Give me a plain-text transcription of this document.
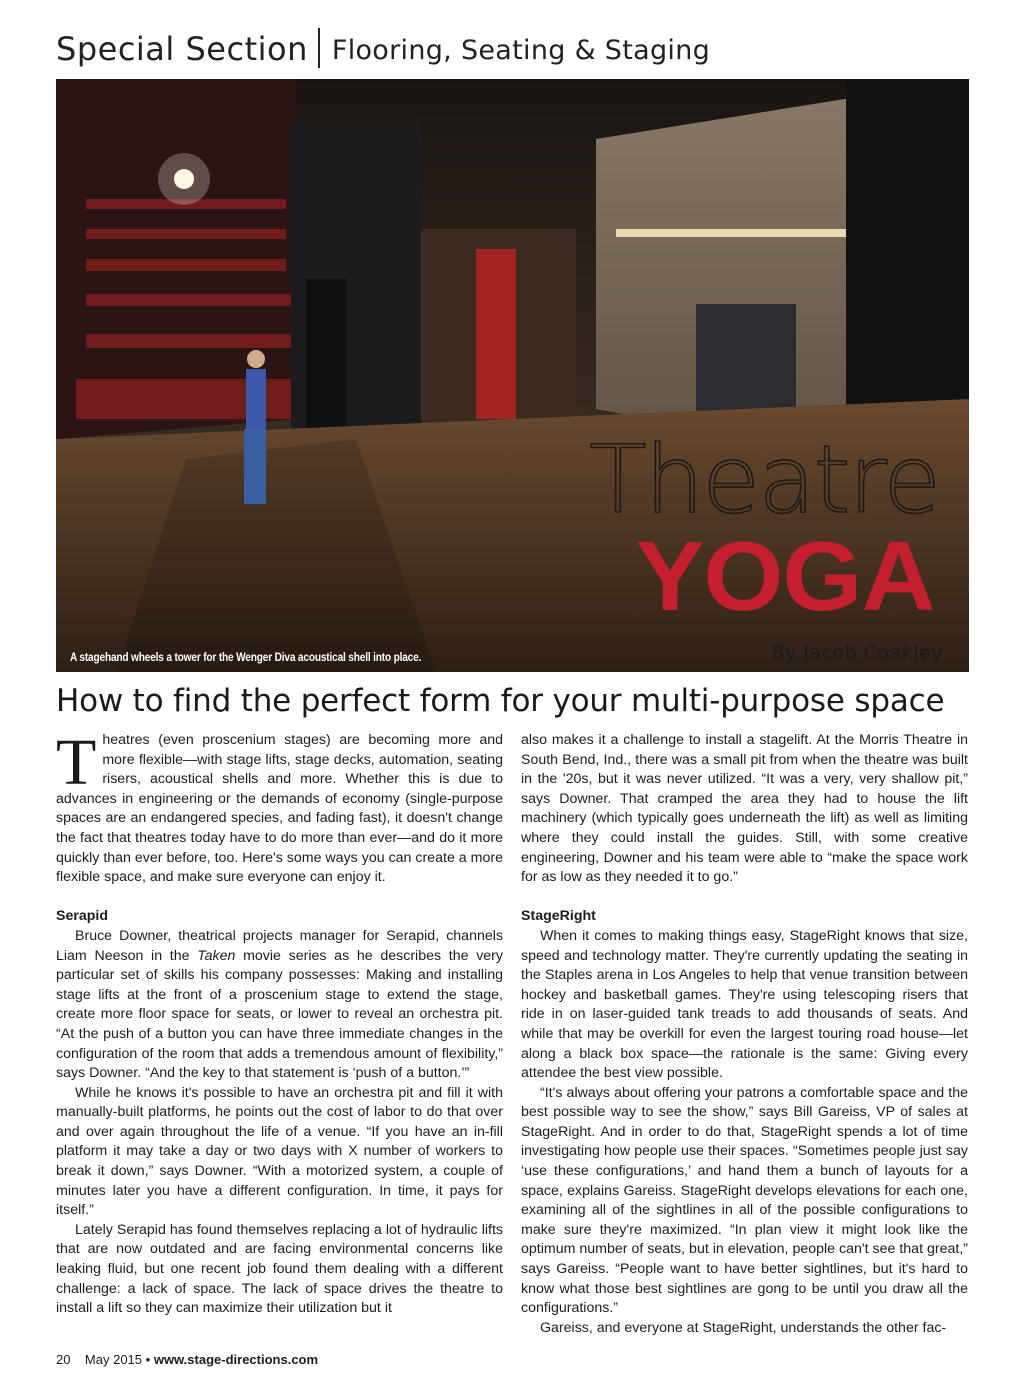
Special Section Flooring, Seating & Staging
Theatre
YOGA
A stagehand wheels a tower for the Wenger Diva acoustical shell into place.	By Jacob Coakley
How to find the perfect form for your multi-purpose space

Theatres (even proscenium stages) are becoming more and more flexible—with stage lifts, stage decks, automation, seating risers, acoustical shells and more. Whether this is due to advances in engineering or the demands of economy (single-purpose spaces are an endangered species, and fading fast), it doesn't change the fact that theatres today have to do more than ever—and do it more quickly than ever before, too. Here's some ways you can create a more flexible space, and make sure everyone can enjoy it.

Serapid

Bruce Downer, theatrical projects manager for Serapid, channels Liam Neeson in the Taken movie series as he describes the very particular set of skills his company possesses: Making and installing stage lifts at the front of a proscenium stage to extend the stage, create more floor space for seats, or lower to reveal an orchestra pit. “At the push of a button you can have three immediate changes in the configuration of the room that adds a tremendous amount of flexibility,” says Downer. “And the key to that statement is ‘push of a button.’”

While he knows it's possible to have an orchestra pit and fill it with manually-built platforms, he points out the cost of labor to do that over and over again throughout the life of a venue. “If you have an in-fill platform it may take a day or two days with X number of workers to break it down,” says Downer. “With a motorized system, a couple of minutes later you have a different configuration. In time, it pays for itself.”

Lately Serapid has found themselves replacing a lot of hydraulic lifts that are now outdated and are facing environmental concerns like leaking fluid, but one recent job found them dealing with a different challenge: a lack of space. The lack of space drives the theatre to install a lift so they can maximize their utilization but it

also makes it a challenge to install a stagelift. At the Morris Theatre in South Bend, Ind., there was a small pit from when the theatre was built in the '20s, but it was never utilized. “It was a very, very shallow pit,” says Downer. That cramped the area they had to house the lift machinery (which typically goes underneath the lift) as well as limiting where they could install the guides. Still, with some creative engineering, Downer and his team were able to “make the space work for as low as they needed it to go.”

StageRight

When it comes to making things easy, StageRight knows that size, speed and technology matter. They're currently updating the seating in the Staples arena in Los Angeles to help that venue transition between hockey and basketball games. They're using telescoping risers that ride in on laser-guided tank treads to add thousands of seats. And while that may be overkill for even the largest touring road house—let along a black box space—the rationale is the same: Giving every attendee the best view possible.

“It's always about offering your patrons a comfortable space and the best possible way to see the show,” says Bill Gareiss, VP of sales at StageRight. And in order to do that, StageRight spends a lot of time investigating how people use their spaces. “Sometimes people just say ‘use these configurations,’ and hand them a bunch of layouts for a space, explains Gareiss. StageRight develops elevations for each one, examining all of the sightlines in all of the possible configurations to make sure they're maximized. “In plan view it might look like the optimum number of seats, but in elevation, people can't see that great,” says Gareiss. “People want to have better sightlines, but it's hard to know what those best sightlines are gong to be until you draw all the configurations.”

Gareiss, and everyone at StageRight, understands the other fac-

20 May 2015 • www.stage-directions.com
